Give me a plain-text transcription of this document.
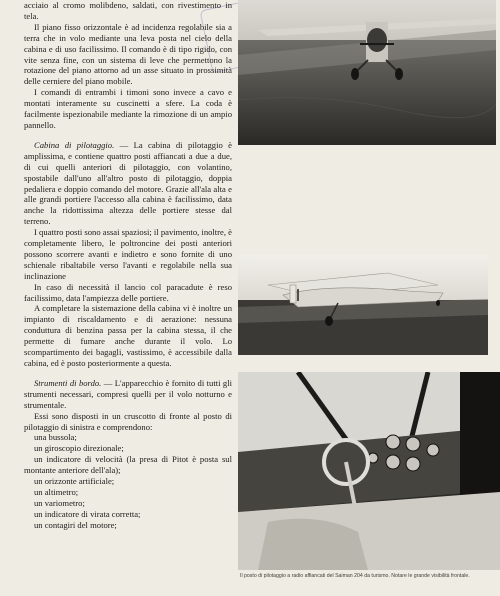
acciaio al cromo molibdeno, saldati, con rivestimento in tela.

Il piano fisso orizzontale è ad incidenza regolabile sia a terra che in volo mediante una leva posta nel cielo della cabina e di uso facilissimo. Il comando è di tipo rigido, con vite senza fine, con un sistema di leve che permettono la rotazione del piano attorno ad un asse situato in prossimità delle cerniere del piano mobile.

I comandi di entrambi i timoni sono invece a cavo e montati interamente su cuscinetti a sfere. La coda è facilmente ispezionabile mediante la rimozione di un ampio pannello.

Cabina di pilotaggio. — La cabina di pilotaggio è amplissima, e contiene quattro posti affiancati a due a due, di cui quelli anteriori di pilotaggio, con volantino, spostabile dall'uno all'altro posto di pilotaggio, doppia pedaliera e doppio comando del motore. Grazie all'ala alta e alle grandi portiere l'accesso alla cabina è facilissimo, data anche la ridottissima altezza delle portiere stesse dal terreno.

I quattro posti sono assai spaziosi; il pavimento, inoltre, è completamente libero, le poltroncine dei posti anteriori possono scorrere avanti e indietro e sono fornite di uno schienale ribaltabile verso l'avanti e regolabile nella sua inclinazione

In caso di necessità il lancio col paracadute è reso facilissimo, data l'ampiezza delle portiere.

A completare la sistemazione della cabina vi è inoltre un impianto di riscaldamento e di aerazione: nessuna conduttura di benzina passa per la cabina stessa, il che permette di fumare anche durante il volo. Lo scompartimento dei bagagli, vastissimo, è accessibile dalla cabina, ed è posto posteriormente a questa.

Strumenti di bordo. — L'apparecchio è fornito di tutti gli strumenti necessari, compresi quelli per il volo notturno e strumentale.

Essi sono disposti in un cruscotto di fronte al posto di pilotaggio di sinistra e comprendono:

una bussola;
un giroscopio direzionale;
un indicatore di velocità (la presa di Pitot è posta sul montante anteriore dell'ala);
un orizzonte artificiale;
un altimetro;
un variometro;
un indicatore di virata corretta;
un contagiri del motore;
Il posto di pilotaggio a radio affiancati del Saiman 204 da turismo. Notare le grande visibilità frontale.
